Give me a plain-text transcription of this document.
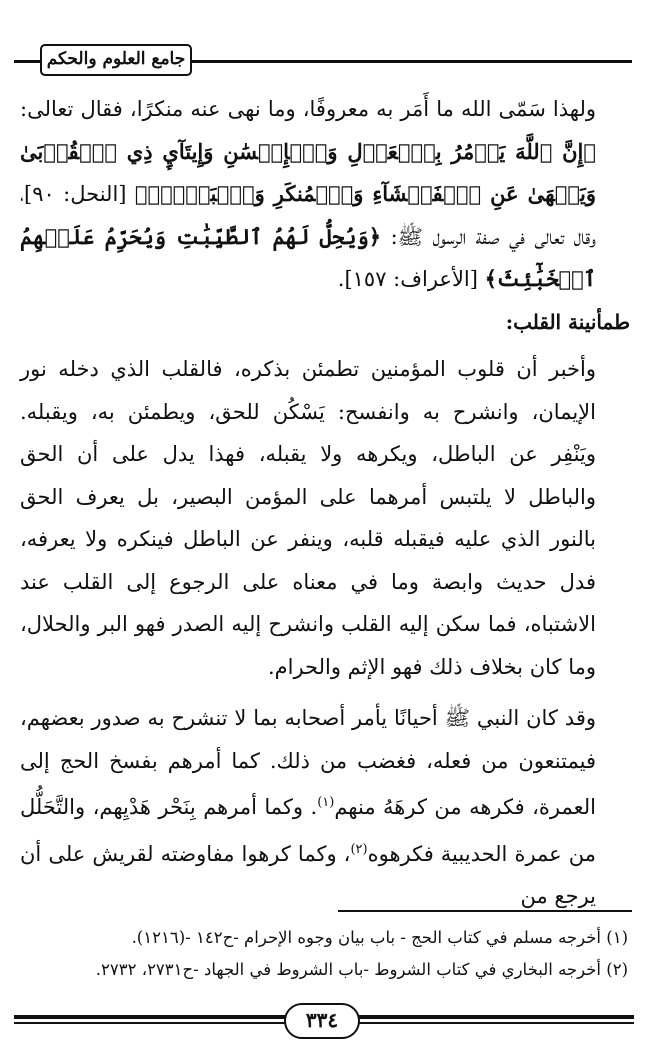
جامع العلوم والحكم

ولهذا سَمّى الله ما أَمَر به معروفًا، وما نهى عنه منكرًا، فقال تعالى: ﴿إِنَّ ٱللَّهَ يَأۡمُرُ بِٱلۡعَدۡلِ وَٱلۡإِحۡسَٰنِ وَإِيتَآيِٕ ذِي ٱلۡقُرۡبَىٰ وَيَنۡهَىٰ عَنِ ٱلۡفَحۡشَآءِ وَٱلۡمُنكَرِ وَٱلۡبَغۡيِۚ﴾ [النحل: ٩٠]، وقال تعالى في صفة الرسول ﷺ: ﴿وَيُحِلُّ لَهُمُ ٱلطَّيِّبَٰتِ وَيُحَرِّمُ عَلَيۡهِمُ ٱلۡخَبَٰٓئِثَ﴾ [الأعراف: ١٥٧].

طمأنينة القلب:

وأخبر أن قلوب المؤمنين تطمئن بذكره، فالقلب الذي دخله نور الإيمان، وانشرح به وانفسح: يَسْكُن للحق، ويطمئن به، ويقبله. ويَنْفِر عن الباطل، ويكرهه ولا يقبله، فهذا يدل على أن الحق والباطل لا يلتبس أمرهما على المؤمن البصير، بل يعرف الحق بالنور الذي عليه فيقبله قلبه، وينفر عن الباطل فينكره ولا يعرفه، فدل حديث وابصة وما في معناه على الرجوع إلى القلب عند الاشتباه، فما سكن إليه القلب وانشرح إليه الصدر فهو البر والحلال، وما كان بخلاف ذلك فهو الإثم والحرام.

وقد كان النبي ﷺ أحيانًا يأمر أصحابه بما لا تنشرح به صدور بعضهم، فيمتنعون من فعله، فغضب من ذلك. كما أمرهم بفسخ الحج إلى العمرة، فكرهه من كرهَهُ منهم$^{(١)}$. وكما أمرهم بِنَحْر هَدْيِهم، والتَّحَلُّل من عمرة الحديبية فكرهوه$^{(٢)}$، وكما كرهوا مفاوضته لقريش على أن يرجع من

(١) أخرجه مسلم في كتاب الحج - باب بيان وجوه الإحرام -ح١٤٢ -(١٢١٦).

(٢) أخرجه البخاري في كتاب الشروط -باب الشروط في الجهاد -ح٢٧٣١، ٢٧٣٢.

٣٣٤
